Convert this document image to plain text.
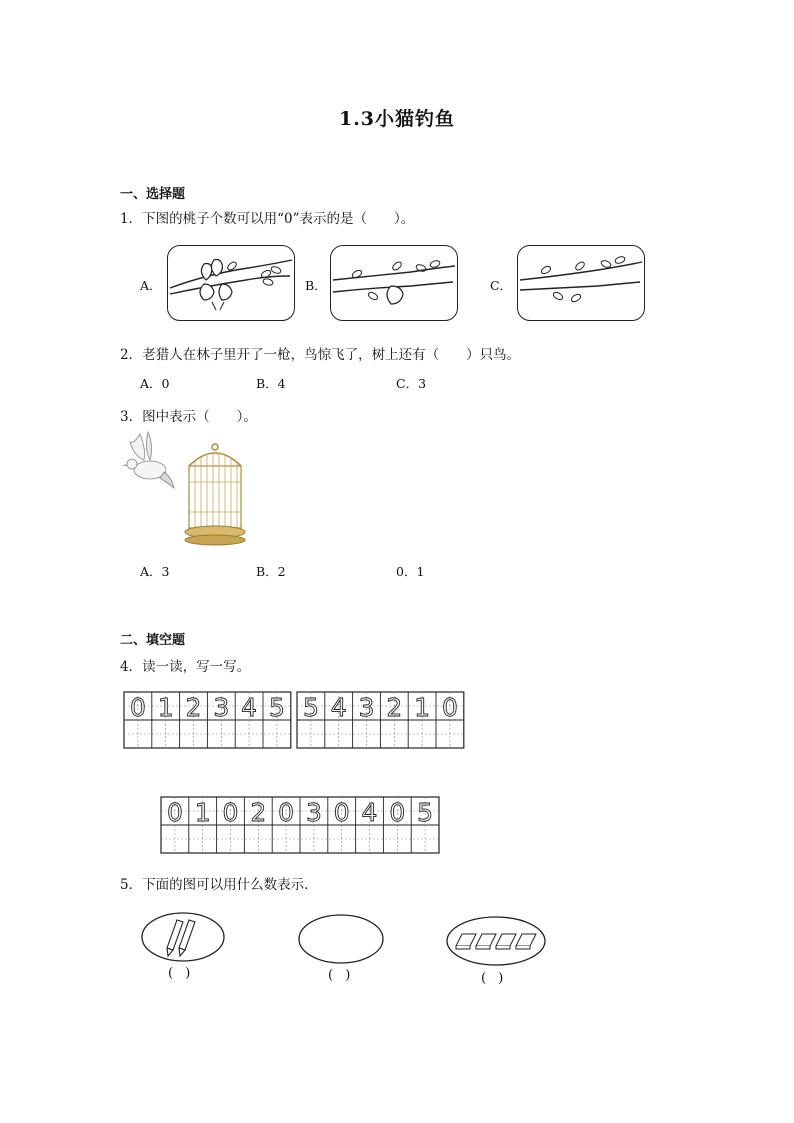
1.3小猫钓鱼
一、选择题
1．下图的桃子个数可以用“0”表示的是（　　）。
A．	B．	C．
2．老猎人在林子里开了一枪，鸟惊飞了，树上还有（　　）只鸟。
A．0	B．4	C．3
3．图中表示（　　）。
A．3	B．2	0．1
二、填空题
4．读一读，写一写。
0 1 2 3 4 5 5 4 3 2 1 0
0 1 0 2 0 3 0 4 0 5
5．下面的图可以用什么数表示．
( )	( )	( )
